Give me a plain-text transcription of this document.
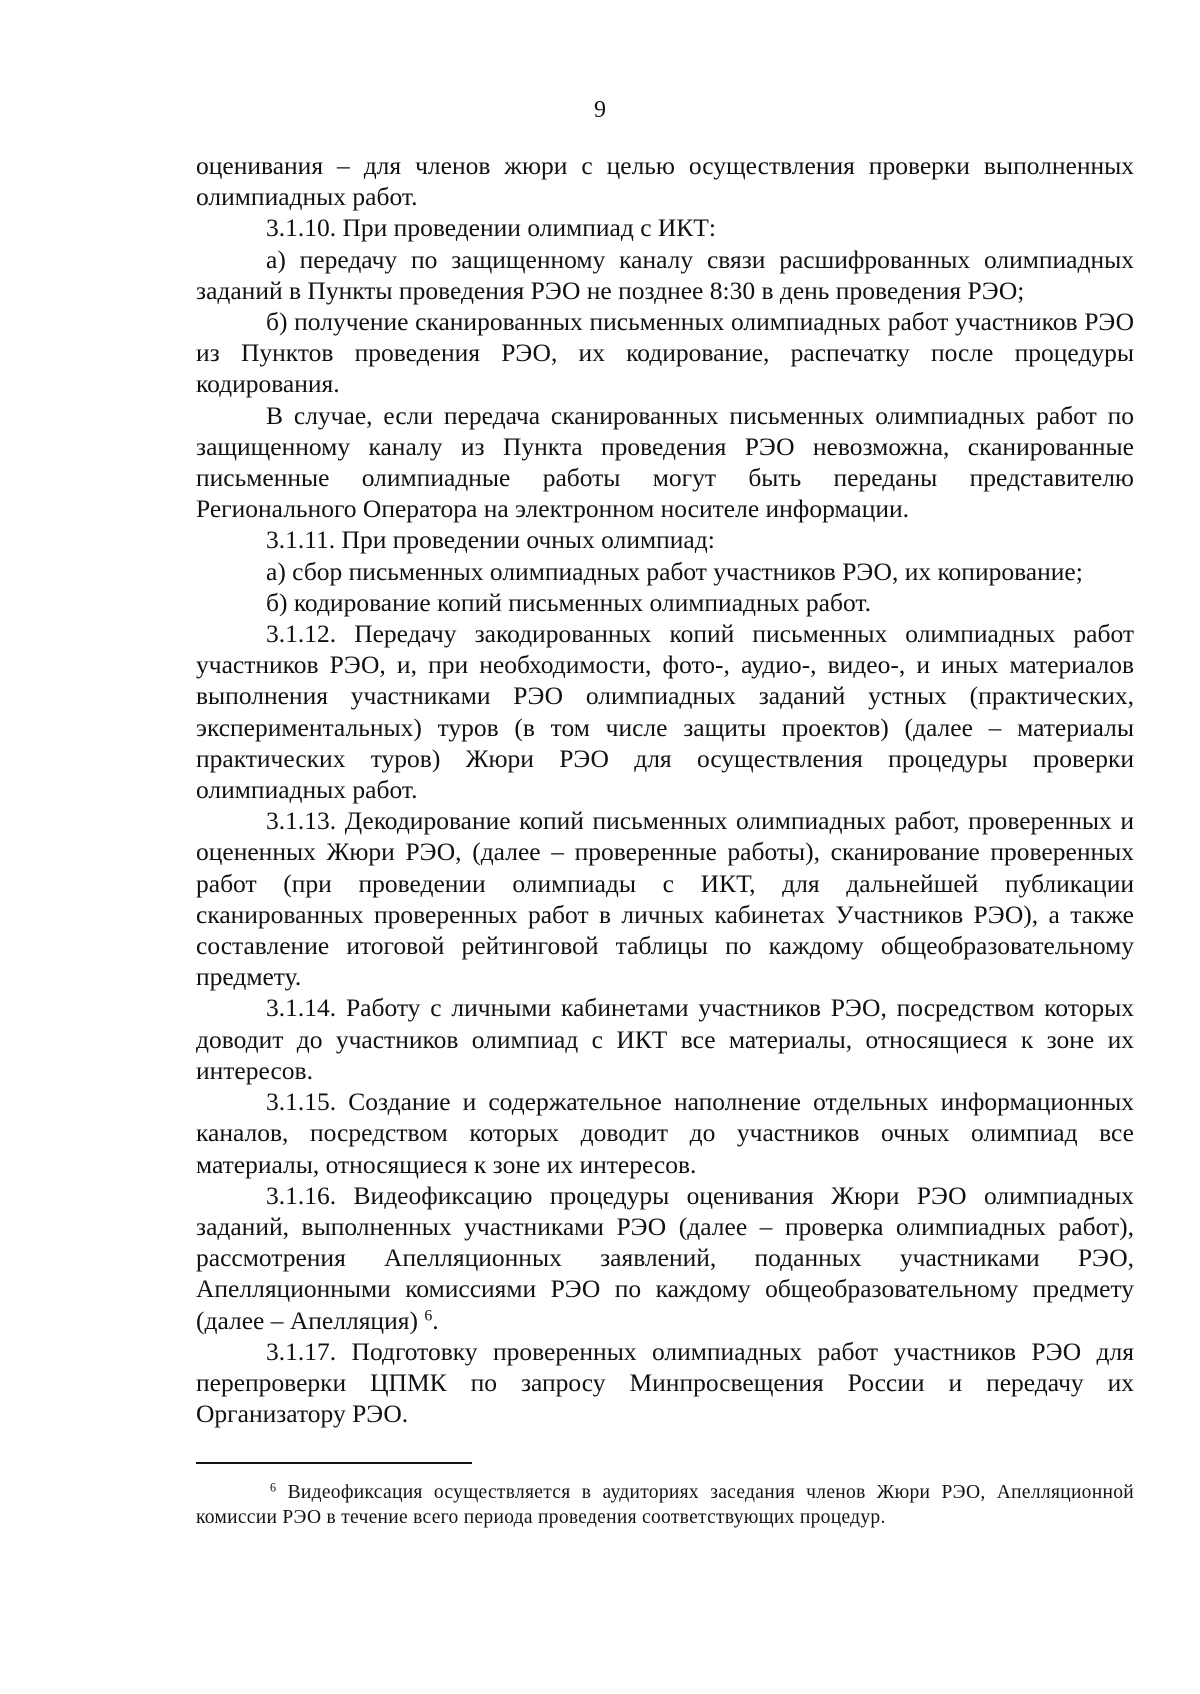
9

оценивания – для членов жюри с целью осуществления проверки выполненных олимпиадных работ.

3.1.10. При проведении олимпиад с ИКТ:

а) передачу по защищенному каналу связи расшифрованных олимпиадных заданий в Пункты проведения РЭО не позднее 8:30 в день проведения РЭО;

б) получение сканированных письменных олимпиадных работ участников РЭО из Пунктов проведения РЭО, их кодирование, распечатку после процедуры кодирования.

В случае, если передача сканированных письменных олимпиадных работ по защищенному каналу из Пункта проведения РЭО невозможна, сканированные письменные олимпиадные работы могут быть переданы представителю Регионального Оператора на электронном носителе информации.

3.1.11. При проведении очных олимпиад:

а) сбор письменных олимпиадных работ участников РЭО, их копирование;

б) кодирование копий письменных олимпиадных работ.

3.1.12. Передачу закодированных копий письменных олимпиадных работ участников РЭО, и, при необходимости, фото-, аудио-, видео-, и иных материалов выполнения участниками РЭО олимпиадных заданий устных (практических, экспериментальных) туров (в том числе защиты проектов) (далее – материалы практических туров) Жюри РЭО для осуществления процедуры проверки олимпиадных работ.

3.1.13. Декодирование копий письменных олимпиадных работ, проверенных и оцененных Жюри РЭО, (далее – проверенные работы), сканирование проверенных работ (при проведении олимпиады с ИКТ, для дальнейшей публикации сканированных проверенных работ в личных кабинетах Участников РЭО), а также составление итоговой рейтинговой таблицы по каждому общеобразовательному предмету.

3.1.14. Работу с личными кабинетами участников РЭО, посредством которых доводит до участников олимпиад с ИКТ все материалы, относящиеся к зоне их интересов.

3.1.15. Создание и содержательное наполнение отдельных информационных каналов, посредством которых доводит до участников очных олимпиад все материалы, относящиеся к зоне их интересов.

3.1.16. Видеофиксацию процедуры оценивания Жюри РЭО олимпиадных заданий, выполненных участниками РЭО (далее – проверка олимпиадных работ), рассмотрения Апелляционных заявлений, поданных участниками РЭО, Апелляционными комиссиями РЭО по каждому общеобразовательному предмету (далее – Апелляция) $^6$.

3.1.17. Подготовку проверенных олимпиадных работ участников РЭО для перепроверки ЦПМК по запросу Минпросвещения России и передачу их Организатору РЭО.

$^6$ Видеофиксация осуществляется в аудиториях заседания членов Жюри РЭО, Апелляционной комиссии РЭО в течение всего периода проведения соответствующих процедур.
